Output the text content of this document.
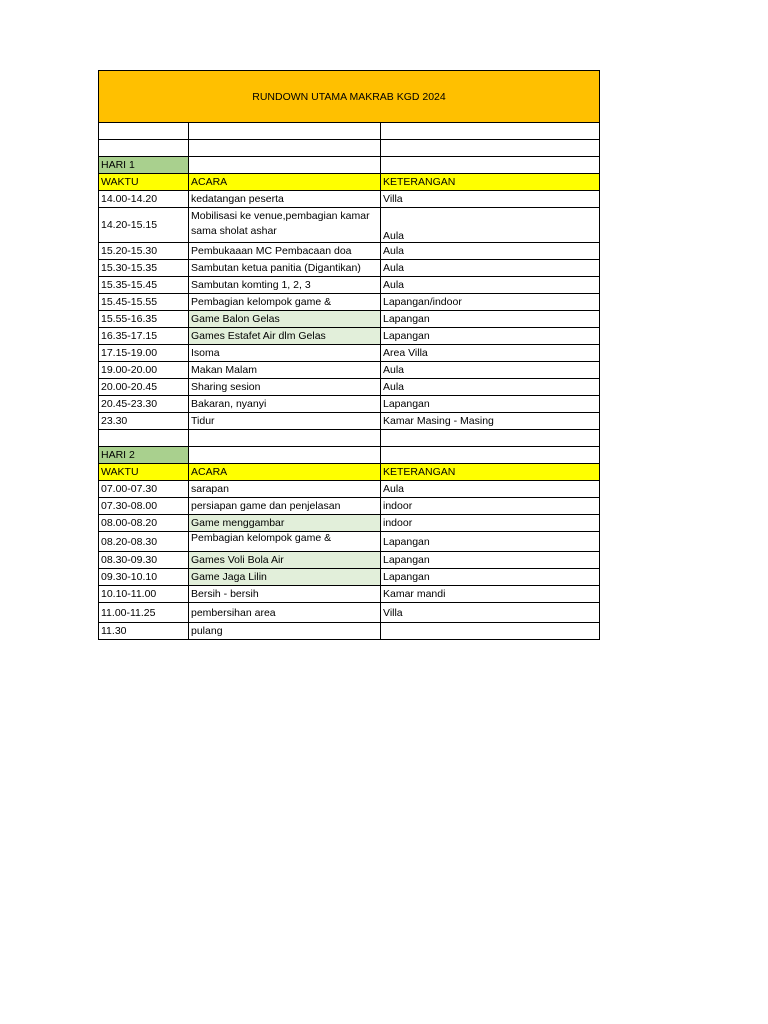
RUNDOWN UTAMA MAKRAB KGD 2024		

HARI 1		
WAKTU	ACARA	KETERANGAN
14.00-14.20	kedatangan peserta	Villa
14.20-15.15	Mobilisasi ke venue,pembagian kamar sama sholat ashar	Aula
15.20-15.30	Pembukaaan MC Pembacaan doa	Aula
15.30-15.35	Sambutan ketua panitia (Digantikan)	Aula
15.35-15.45	Sambutan komting 1, 2, 3	Aula
15.45-15.55	Pembagian kelompok game &	Lapangan/indoor
15.55-16.35	Game Balon Gelas	Lapangan
16.35-17.15	Games Estafet Air dlm Gelas	Lapangan
17.15-19.00	Isoma	Area Villa
19.00-20.00	Makan Malam	Aula
20.00-20.45	Sharing sesion	Aula
20.45-23.30	Bakaran, nyanyi	Lapangan
23.30	Tidur	Kamar Masing - Masing

HARI 2		
WAKTU	ACARA	KETERANGAN
07.00-07.30	sarapan	Aula
07.30-08.00	persiapan game dan penjelasan	indoor
08.00-08.20	Game menggambar	indoor
08.20-08.30	Pembagian kelompok game &	Lapangan
08.30-09.30	Games Voli Bola Air	Lapangan
09.30-10.10	Game Jaga Lilin	Lapangan
10.10-11.00	Bersih - bersih	Kamar mandi
11.00-11.25	pembersihan area	Villa
11.30	pulang	
